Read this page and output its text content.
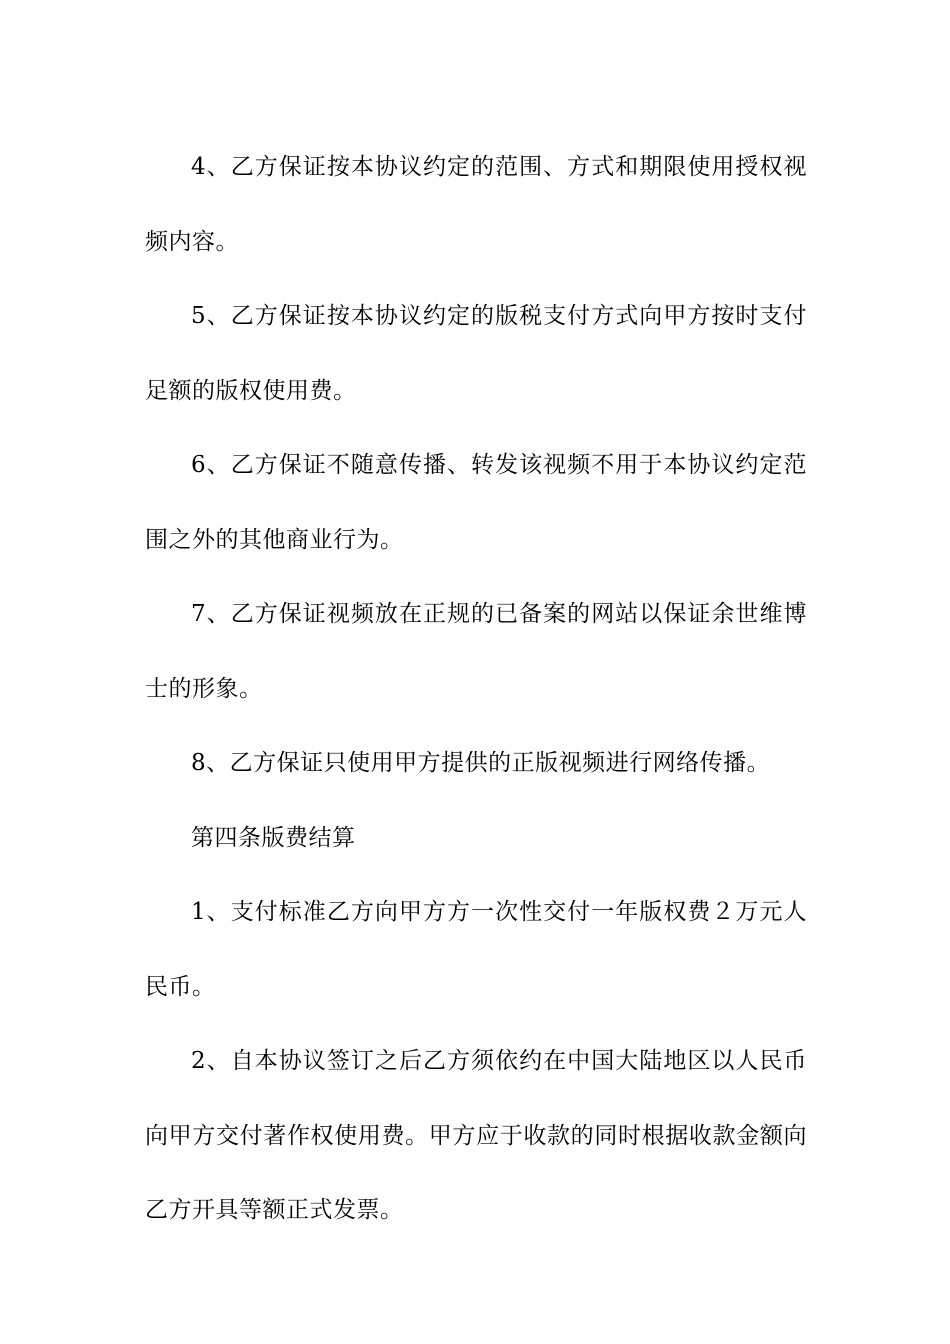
4、乙方保证按本协议约定的范围、方式和期限使用授权视频内容。

5、乙方保证按本协议约定的版税支付方式向甲方按时支付足额的版权使用费。

6、乙方保证不随意传播、转发该视频不用于本协议约定范围之外的其他商业行为。

7、乙方保证视频放在正规的已备案的网站以保证余世维博士的形象。

8、乙方保证只使用甲方提供的正版视频进行网络传播。

第四条版费结算

1、支付标准乙方向甲方方一次性交付一年版权费２万元人民币。

2、自本协议签订之后乙方须依约在中国大陆地区以人民币向甲方交付著作权使用费。甲方应于收款的同时根据收款金额向乙方开具等额正式发票。
